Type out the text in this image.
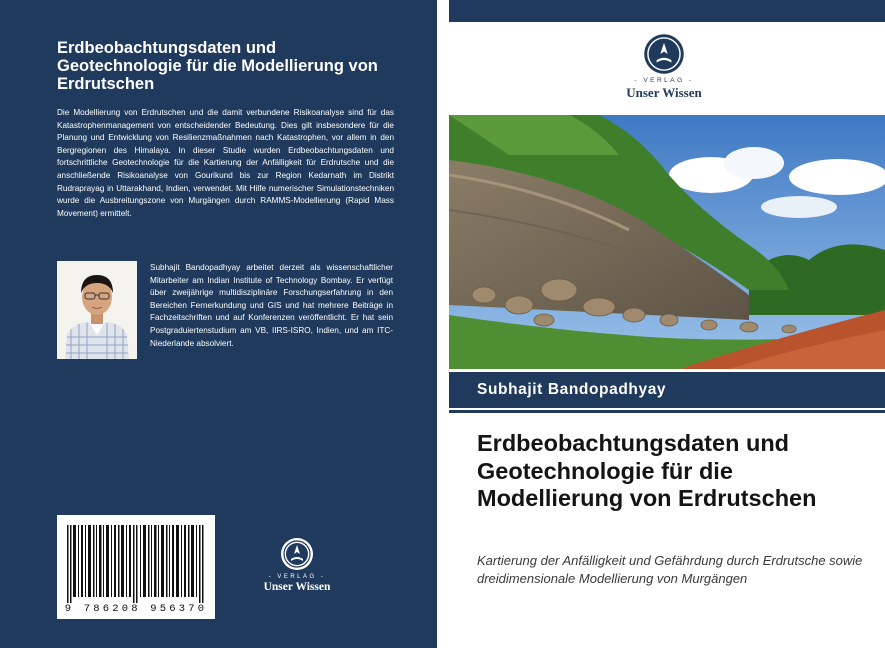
Erdbeobachtungsdaten und Geotechnologie für die Modellierung von Erdrutschen

Die Modellierung von Erdrutschen und die damit verbundene Risikoanalyse sind für das Katastrophenmanagement von entscheidender Bedeutung. Dies gilt insbesondere für die Planung und Entwicklung von Resilienzmaßnahmen nach Katastrophen, vor allem in den Bergregionen des Himalaya. In dieser Studie wurden Erdbeobachtungsdaten und fortschrittliche Geotechnologie für die Kartierung der Anfälligkeit für Erdrutsche und die anschließende Risikoanalyse von Gourikund bis zur Region Kedarnath im Distrikt Rudraprayag in Uttarakhand, Indien, verwendet. Mit Hilfe numerischer Simulationstechniken wurde die Ausbreitungszone von Murgängen durch RAMMS-Modellierung (Rapid Mass Movement) ermittelt.

Subhajit Bandopadhyay arbeitet derzeit als wissenschaftlicher Mitarbeiter am Indian Institute of Technology Bombay. Er verfügt über zweijährige multidisziplinäre Forschungserfahrung in den Bereichen Fernerkundung und GIS und hat mehrere Beiträge in Fachzeitschriften und auf Konferenzen veröffentlicht. Er hat sein Postgraduiertenstudium am VB, IIRS-ISRO, Indien, und am ITC-Niederlande absolviert.

9 786208 956370
- VERLAG -
Unser Wissen
- VERLAG -
Unser Wissen
Subhajit Bandopadhyay
Erdbeobachtungsdaten und Geotechnologie für die Modellierung von Erdrutschen

Kartierung der Anfälligkeit und Gefährdung durch Erdrutsche sowie dreidimensionale Modellierung von Murgängen
